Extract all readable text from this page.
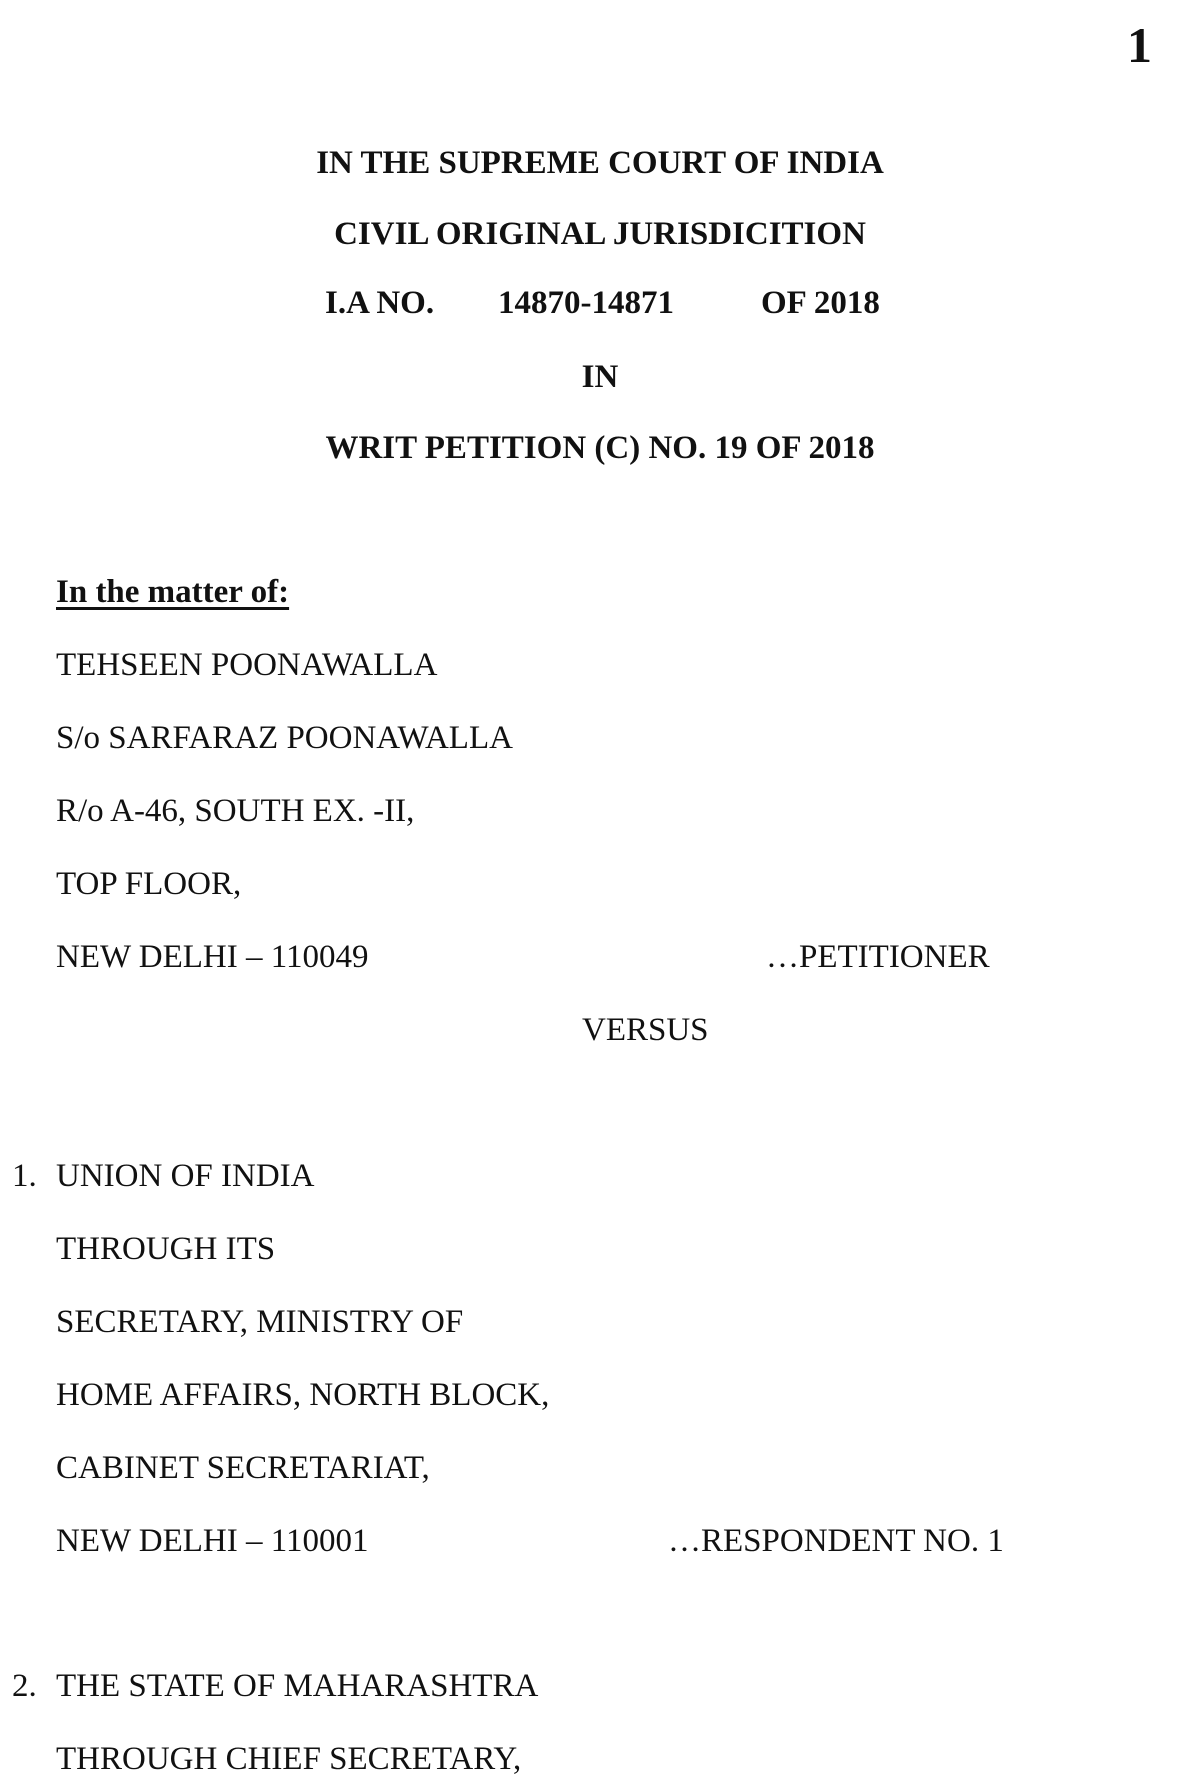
1
IN THE SUPREME COURT OF INDIA
CIVIL ORIGINAL JURISDICITION
I.A NO. 14870-14871	OF 2018
IN
WRIT PETITION (C) NO. 19 OF 2018
In the matter of:
TEHSEEN POONAWALLA
S/o SARFARAZ POONAWALLA
R/o A-46, SOUTH EX. -II,
TOP FLOOR,
NEW DELHI – 110049	…PETITIONER
VERSUS
1. UNION OF INDIA
THROUGH ITS
SECRETARY, MINISTRY OF
HOME AFFAIRS, NORTH BLOCK,
CABINET SECRETARIAT,
NEW DELHI – 110001	…RESPONDENT NO. 1
2. THE STATE OF MAHARASHTRA
THROUGH CHIEF SECRETARY,
